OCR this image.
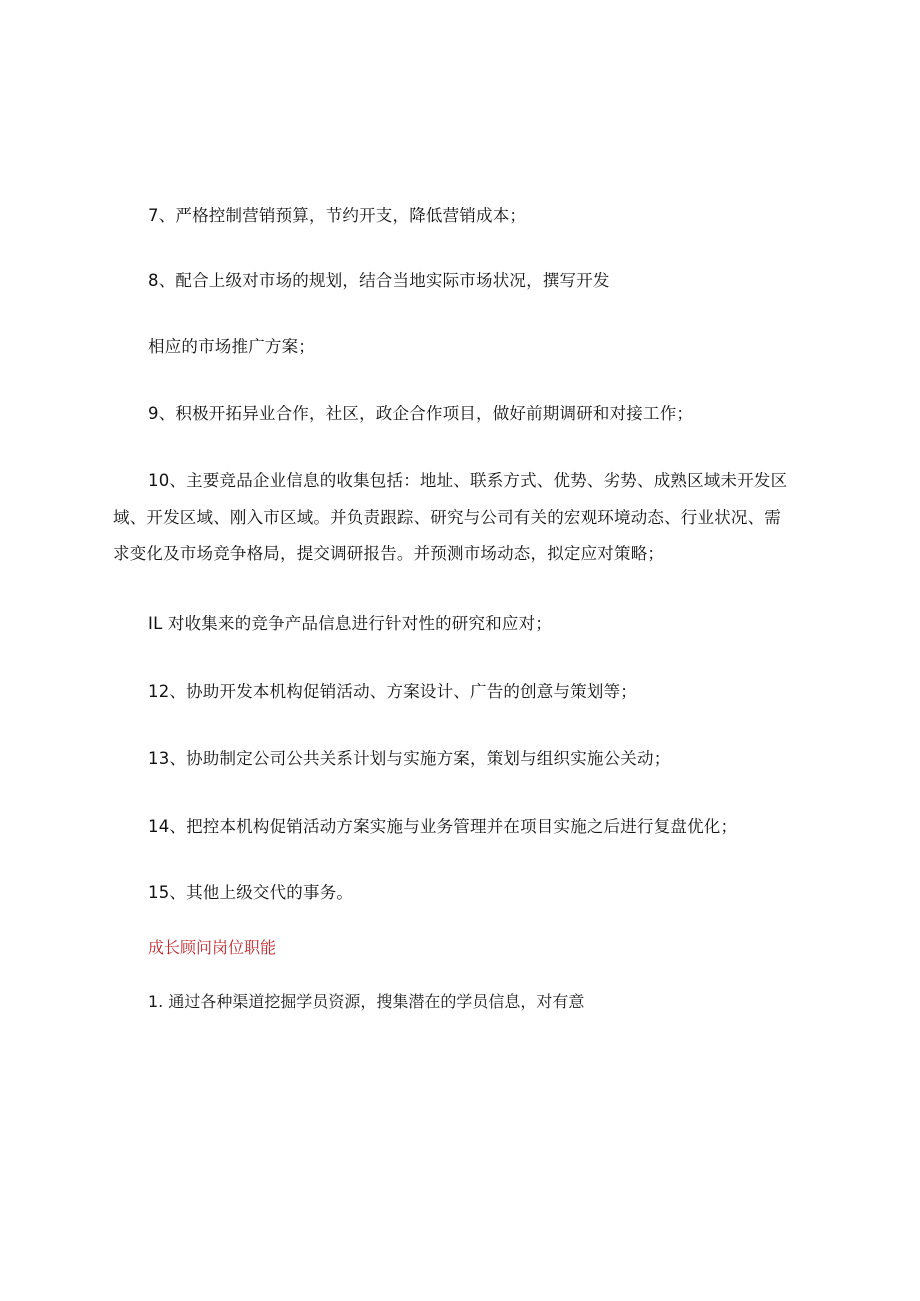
7、严格控制营销预算，节约开支，降低营销成本；
8、配合上级对市场的规划，结合当地实际市场状况，撰写开发
相应的市场推广方案；
9、积极开拓异业合作，社区，政企合作项目，做好前期调研和对接工作；
10、主要竞品企业信息的收集包括：地址、联系方式、优势、劣势、成熟区域未开发区
域、开发区域、刚入市区域。并负责跟踪、研究与公司有关的宏观环境动态、行业状况、需
求变化及市场竞争格局，提交调研报告。并预测市场动态，拟定应对策略；
IL 对收集来的竞争产品信息进行针对性的研究和应对；
12、协助开发本机构促销活动、方案设计、广告的创意与策划等；
13、协助制定公司公共关系计划与实施方案，策划与组织实施公关动；
14、把控本机构促销活动方案实施与业务管理并在项目实施之后进行复盘优化；
15、其他上级交代的事务。
成长顾问岗位职能
1. 通过各种渠道挖掘学员资源，搜集潜在的学员信息，对有意
